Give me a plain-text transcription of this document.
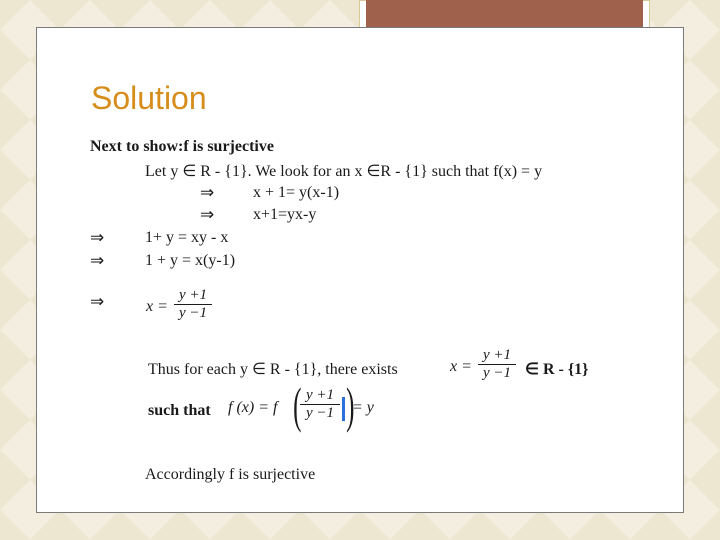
Solution
Next to show:f is surjective
Let y ∈ R - {1}. We look for an x ∈R - {1} such that f(x) = y
⇒ x + 1= y(x-1)
⇒ x+1=yx-y
⇒	1+ y = xy - x
⇒	1 + y = x(y-1)
⇒	$x = \frac{y +1}{y -1}$
Thus for each y ∈ R - {1}, there exists	$x = \frac{y +1}{y -1}$ ∈ R - {1}
such that f (x) = f (
$\frac{y +1}{y -1}$ )
= y
Accordingly f is surjective
